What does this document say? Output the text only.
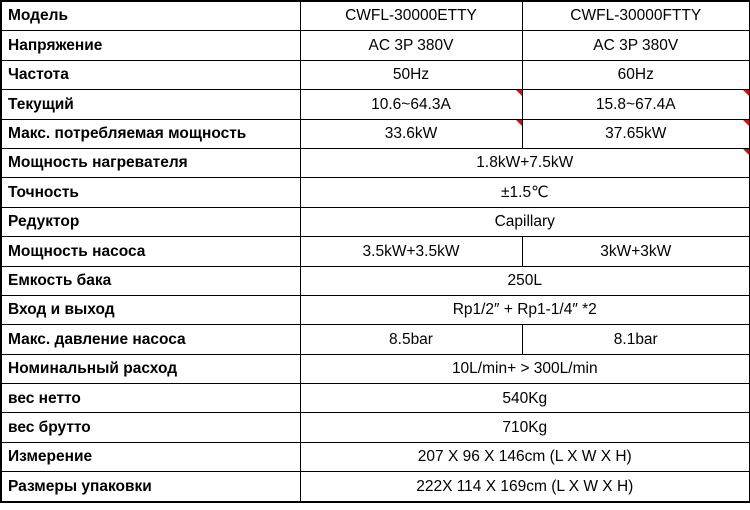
Модель	CWFL-30000ETTY	CWFL-30000FTTY
Напряжение	AC 3P 380V	AC 3P 380V
Частота	50Hz	60Hz
Текущий	10.6~64.3A	15.8~67.4A

Макс. потребляемая мощность	33.6kW	37.65kW

Мощность нагревателя	1.8kW+7.5kW	

Точность	±1.5℃	
Редуктор	Capillary	
Мощность насоса	3.5kW+3.5kW	3kW+3kW
Емкость бака	250L	
Вход и выход	Rp1/2″ + Rp1-1/4″ *2	
Макс. давление насоса	8.5bar	8.1bar
Номинальный расход	10L/min+ > 300L/min	
вес нетто	540Kg	
вес брутто	710Kg	
Измерение	207 X 96 X 146cm (L X W X H)	
Размеры упаковки	222X 114 X 169cm (L X W X H)	
